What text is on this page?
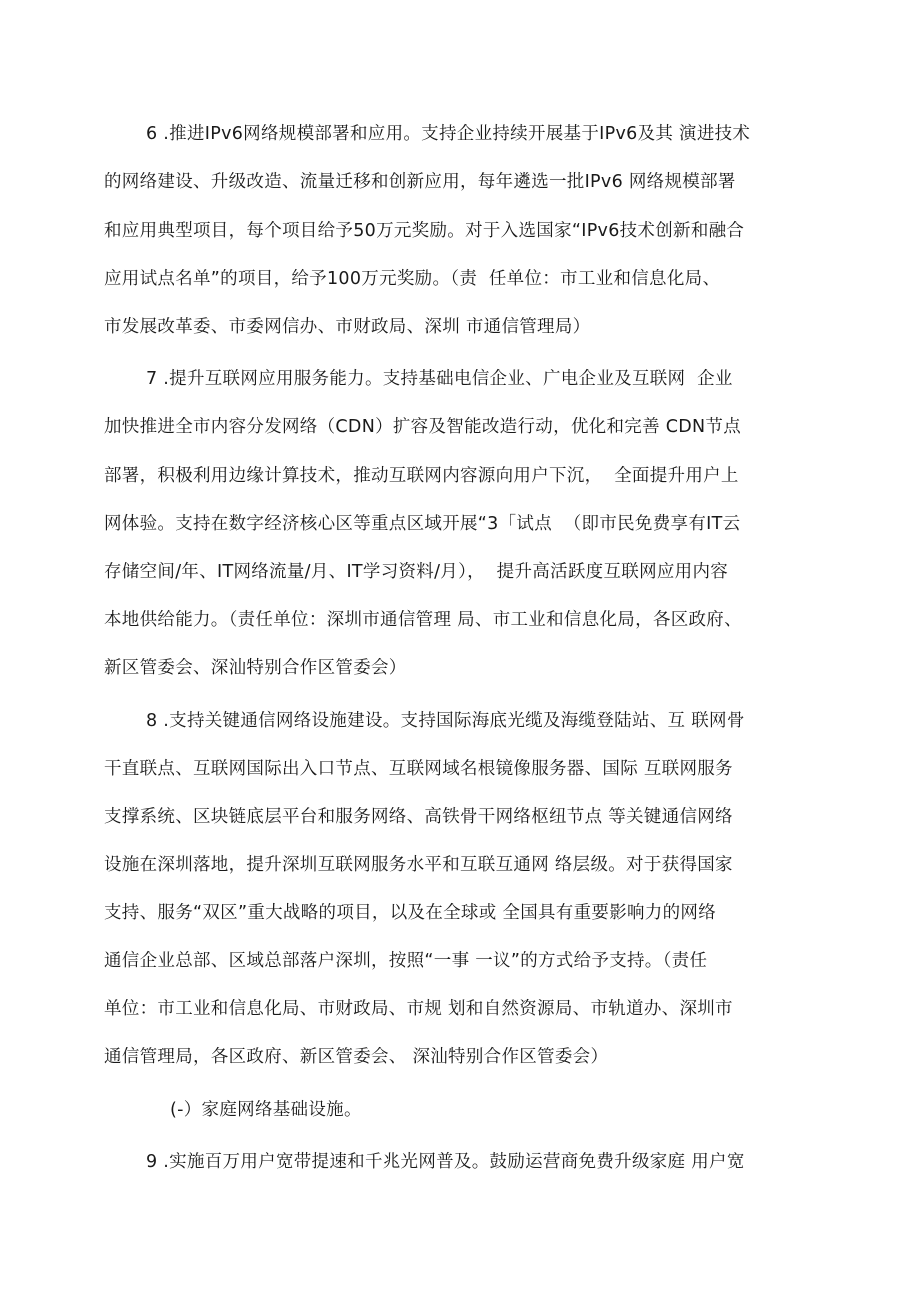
6 .推进IPv6网络规模部署和应用。支持企业持续开展基于IPv6及其 演进技术
的网络建设、升级改造、流量迁移和创新应用，每年遴选一批IPv6 网络规模部署
和应用典型项目，每个项目给予50万元奖励。对于入选国家“IPv6技术创新和融合
应用试点名单”的项目，给予100万元奖励。（责  任单位：市工业和信息化局、
市发展改革委、市委网信办、市财政局、深圳 市通信管理局）
7 .提升互联网应用服务能力。支持基础电信企业、广电企业及互联网  企业
加快推进全市内容分发网络（CDN）扩容及智能改造行动，优化和完善 CDN节点
部署，积极利用边缘计算技术，推动互联网内容源向用户下沉，  全面提升用户上
网体验。支持在数字经济核心区等重点区域开展“3「试点  （即市民免费享有IT云
存储空间/年、IT网络流量/月、IT学习资料/月），  提升高活跃度互联网应用内容
本地供给能力。（责任单位：深圳市通信管理 局、市工业和信息化局，各区政府、
新区管委会、深汕特别合作区管委会）
8 .支持关键通信网络设施建设。支持国际海底光缆及海缆登陆站、互 联网骨
干直联点、互联网国际出入口节点、互联网域名根镜像服务器、国际 互联网服务
支撑系统、区块链底层平台和服务网络、高铁骨干网络枢纽节点 等关键通信网络
设施在深圳落地，提升深圳互联网服务水平和互联互通网 络层级。对于获得国家
支持、服务“双区”重大战略的项目，以及在全球或 全国具有重要影响力的网络
通信企业总部、区域总部落户深圳，按照“一事 一议”的方式给予支持。（责任
单位：市工业和信息化局、市财政局、市规 划和自然资源局、市轨道办、深圳市
通信管理局，各区政府、新区管委会、 深汕特别合作区管委会）
(-）家庭网络基础设施。
9 .实施百万用户宽带提速和千兆光网普及。鼓励运营商免费升级家庭 用户宽
